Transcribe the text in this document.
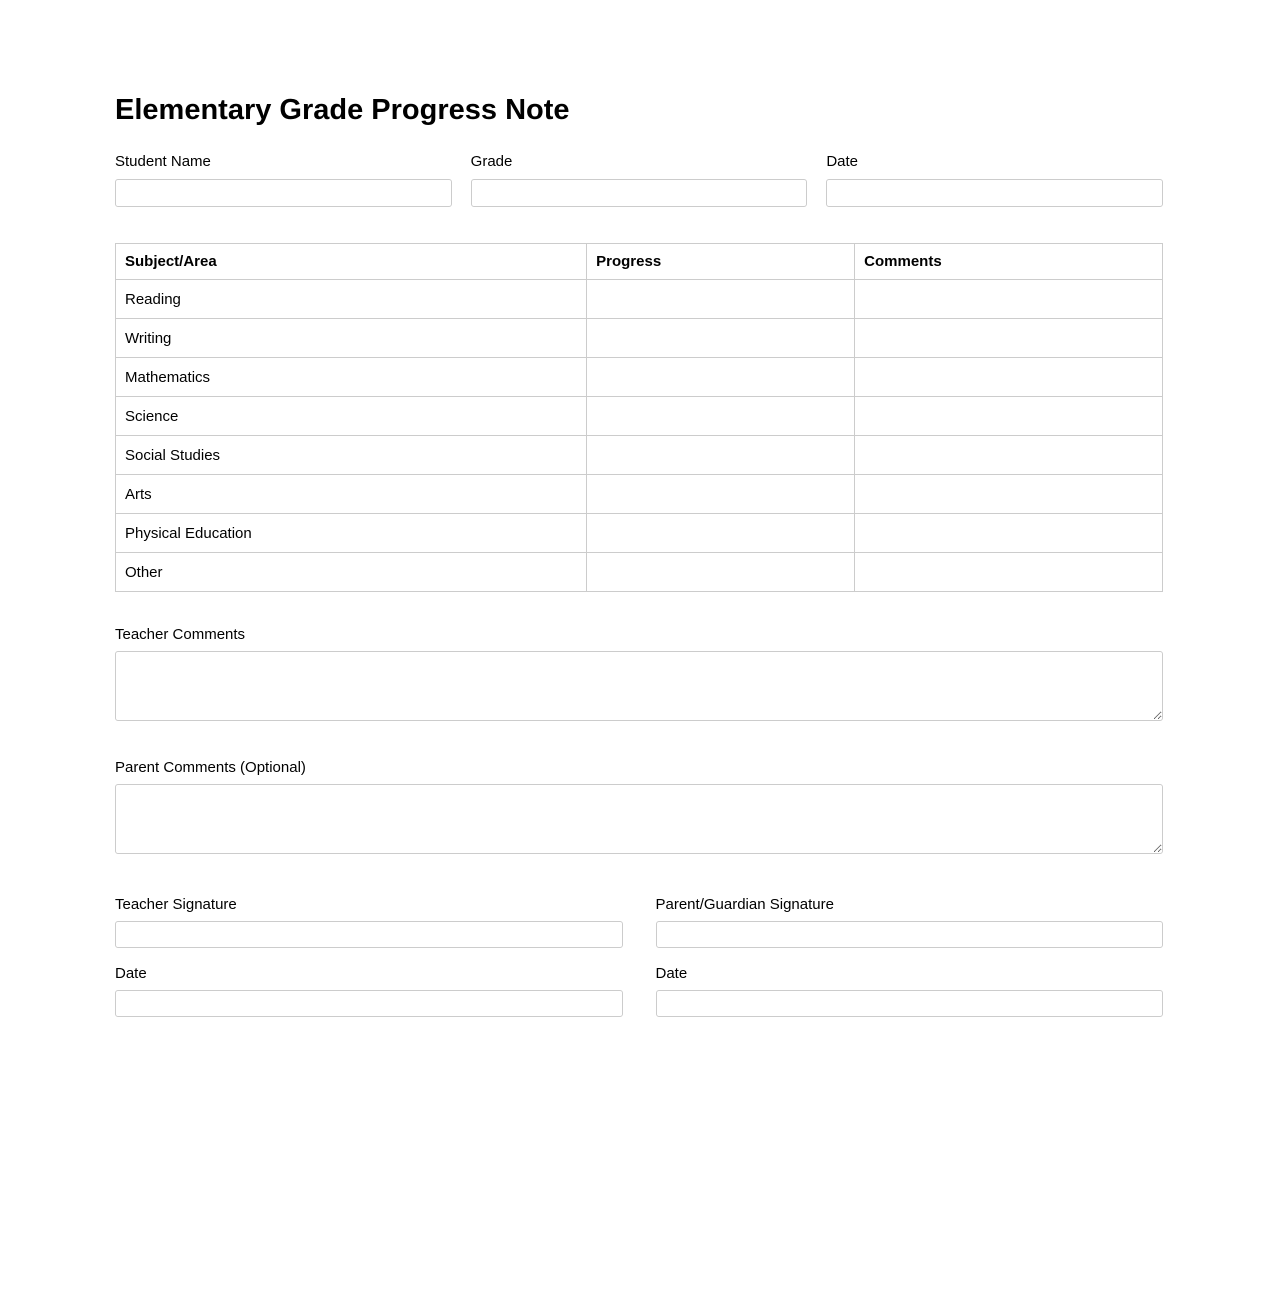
Elementary Grade Progress Note
Student Name	Grade	Date
Subject/Area	Progress	Comments
Reading		
Writing		
Mathematics		
Science		
Social Studies		
Arts		
Physical Education		
Other		
Teacher Comments
Parent Comments (Optional)
Teacher Signature
Date
Parent/Guardian Signature
Date
